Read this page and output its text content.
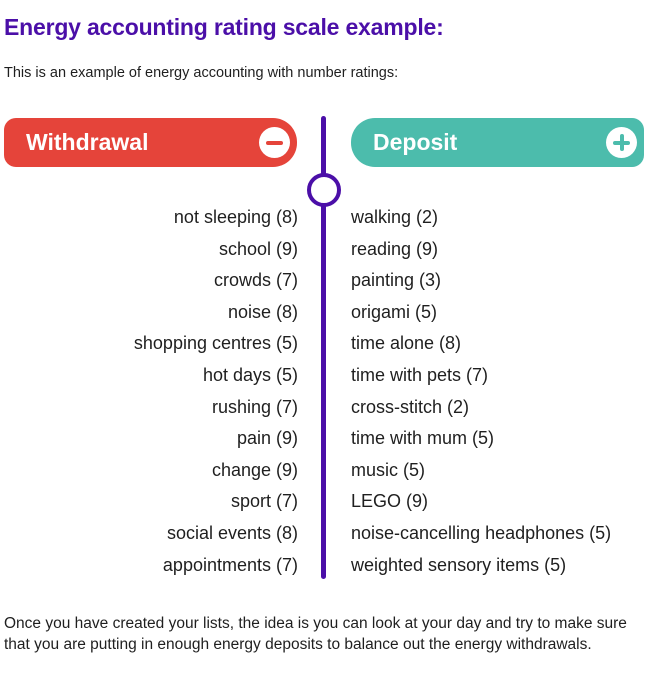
Energy accounting rating scale example:

This is an example of energy accounting with number ratings:

Withdrawal	Deposit
not sleeping (8)
school (9)
crowds (7)
noise (8)
shopping centres (5)
hot days (5)
rushing (7)
pain (9)
change (9)
sport (7)
social events (8)
appointments (7)
walking (2)
reading (9)
painting (3)
origami (5)
time alone (8)
time with pets (7)
cross-stitch (2)
time with mum (5)
music (5)
LEGO (9)
noise-cancelling headphones (5)
weighted sensory items (5)

Once you have created your lists, the idea is you can look at your day and try to make sure that you are putting in enough energy deposits to balance out the energy withdrawals.
